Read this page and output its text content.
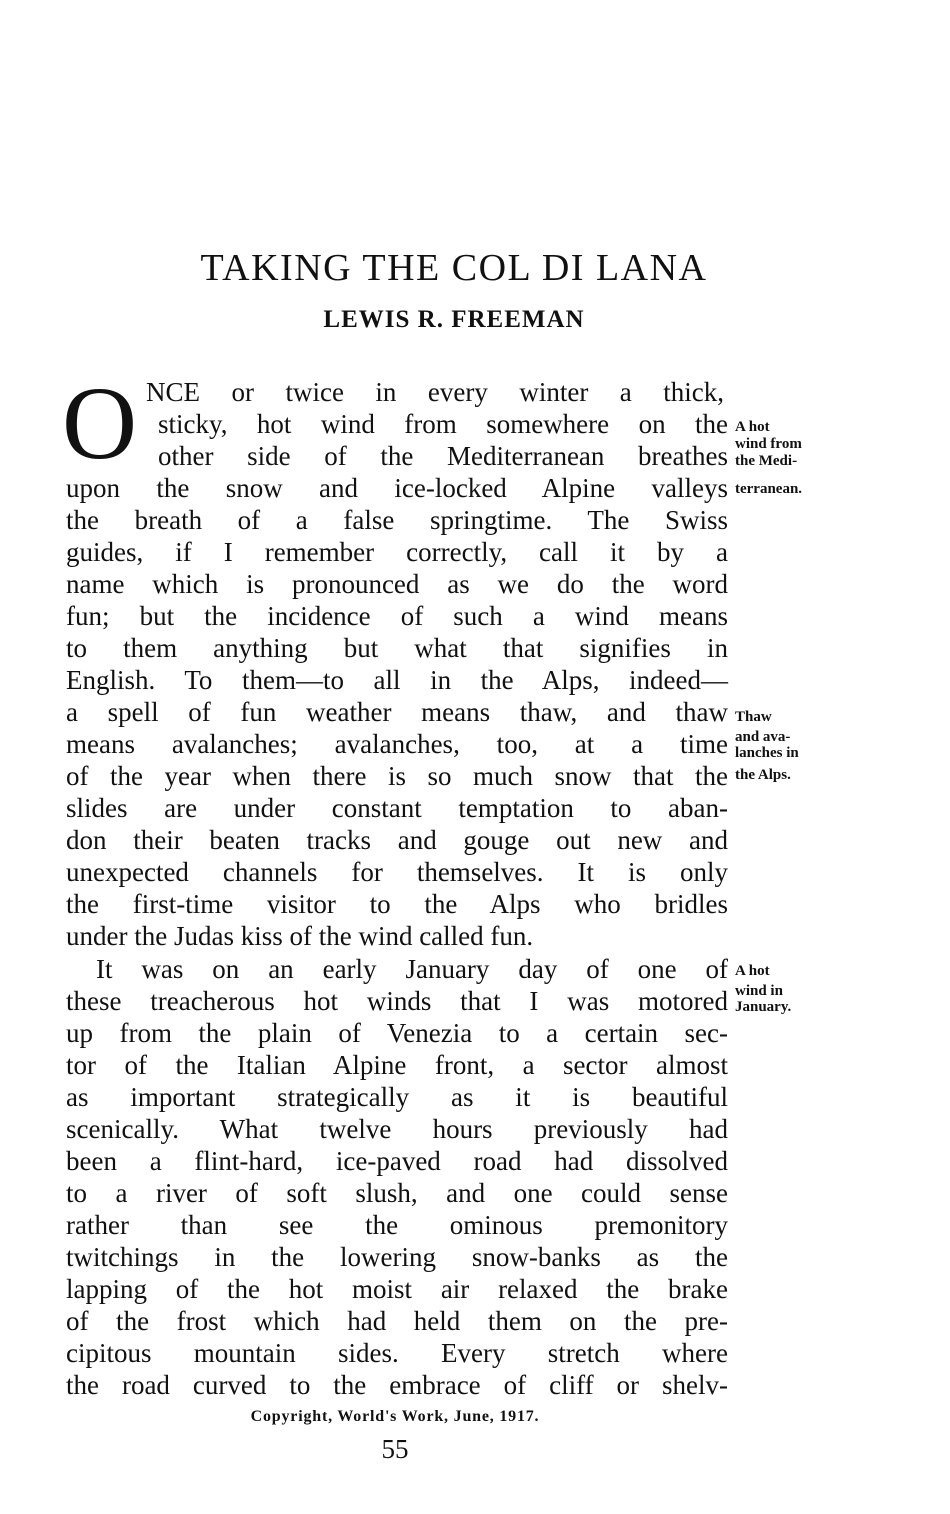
TAKING THE COL DI LANA
LEWIS R. FREEMAN
O NCE or twice in every winter a thick,
sticky, hot wind from somewhere on the
other side of the Mediterranean breathes
upon the snow and ice-locked Alpine valleys
the breath of a false springtime. The Swiss
guides, if I remember correctly, call it by a
name which is pronounced as we do the word
fun; but the incidence of such a wind means
to them anything but what that signifies in
English. To them—to all in the Alps, indeed—
a spell of fun weather means thaw, and thaw
means avalanches; avalanches, too, at a time
of the year when there is so much snow that the
slides are under constant temptation to aban-
don their beaten tracks and gouge out new and
unexpected channels for themselves. It is only
the first-time visitor to the Alps who bridles
under the Judas kiss of the wind called fun.
It was on an early January day of one of
these treacherous hot winds that I was motored
up from the plain of Venezia to a certain sec-
tor of the Italian Alpine front, a sector almost
as important strategically as it is beautiful
scenically. What twelve hours previously had
been a flint-hard, ice-paved road had dissolved
to a river of soft slush, and one could sense
rather than see the ominous premonitory
twitchings in the lowering snow-banks as the
lapping of the hot moist air relaxed the brake
of the frost which had held them on the pre-
cipitous mountain sides. Every stretch where
the road curved to the embrace of cliff or shelv-
A hot
wind from
the Medi-
terranean.
Thaw
and ava-
lanches in
the Alps.
A hot
wind in
January.
Copyright, World's Work, June, 1917.
55
